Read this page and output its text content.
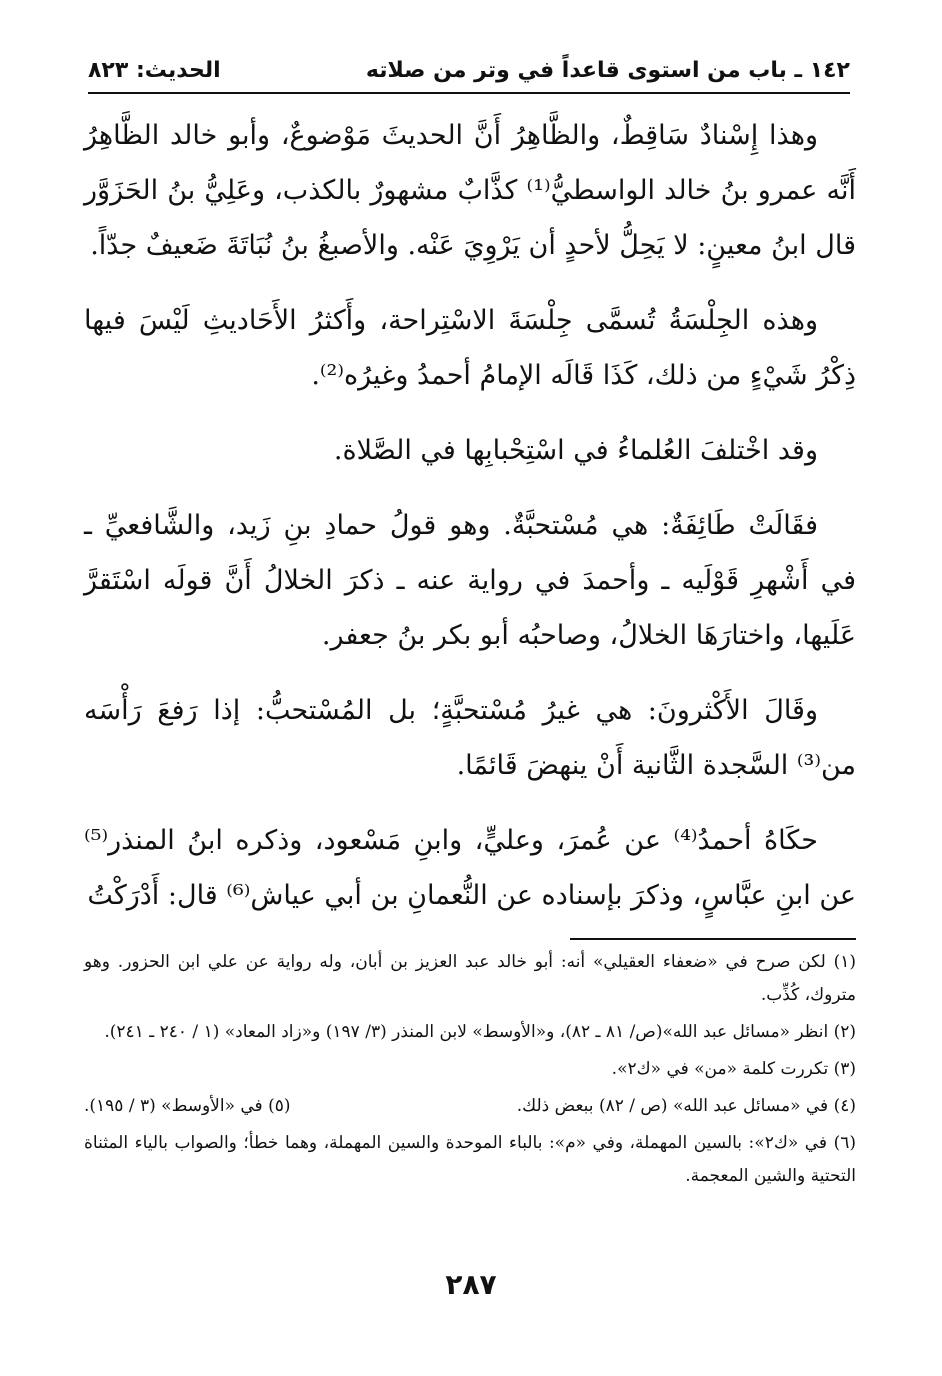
١٤٢ ـ باب من استوى قاعداً في وتر من صلاته
الحديث: ٨٢٣

وهذا إِسْنادٌ سَاقِطٌ، والظَّاهِرُ أَنَّ الحديثَ مَوْضوعٌ، وأبو خالد الظَّاهِرُ أَنَّه عمرو بنُ خالد الواسطيُّ⁽¹⁾ كذَّابٌ مشهورٌ بالكذب، وعَلِيُّ بنُ الحَزَوَّر قال ابنُ معينٍ: لا يَحِلُّ لأحدٍ أن يَرْوِيَ عَنْه. والأصبغُ بنُ نُبَاتَةَ ضَعيفٌ جدّاً.

وهذه الجِلْسَةُ تُسمَّى جِلْسَةَ الاسْتِراحة، وأَكثرُ الأَحَاديثِ لَيْسَ فيها ذِكْرُ شَيْءٍ من ذلك، كَذَا قَالَه الإمامُ أحمدُ وغيرُه⁽²⁾.

وقد اخْتلفَ العُلماءُ في اسْتِحْبابِها في الصَّلاة.

فقَالَتْ طَائِفَةٌ: هي مُسْتحبَّةٌ. وهو قولُ حمادِ بنِ زَيد، والشَّافعيِّ ـ في أَشْهرِ قَوْلَيه ـ وأحمدَ في رواية عنه ـ ذكرَ الخلالُ أَنَّ قولَه اسْتَقرَّ عَلَيها، واختارَهَا الخلالُ، وصاحبُه أبو بكر بنُ جعفر.

وقَالَ الأَكْثرونَ: هي غيرُ مُسْتحبَّةٍ؛ بل المُسْتحبُّ: إذا رَفعَ رَأْسَه من⁽³⁾ السَّجدة الثَّانية أَنْ ينهضَ قَائمًا.

حكَاهُ أحمدُ⁽⁴⁾ عن عُمرَ، وعليٍّ، وابنِ مَسْعود، وذكره ابنُ المنذر⁽⁵⁾ عن ابنِ عبَّاسٍ، وذكرَ بإسناده عن النُّعمانِ بن أبي عياش⁽⁶⁾ قال: أَدْرَكْتُ

(١) لكن صرح في «ضعفاء العقيلي» أنه: أبو خالد عبد العزيز بن أبان، وله رواية عن علي ابن الحزور. وهو متروك، كُذِّب.
(٢) انظر «مسائل عبد الله»(ص/ ٨١ ـ ٨٢)، و«الأوسط» لابن المنذر (٣/ ١٩٧) و«زاد المعاد» (١ / ٢٤٠ ـ ٢٤١).
(٣) تكررت كلمة «من» في «ك٢».
(٤) في «مسائل عبد الله» (ص / ٨٢) ببعض ذلك.
(٥) في «الأوسط» (٣ / ١٩٥).
(٦) في «ك٢»: بالسين المهملة، وفي «م»: بالباء الموحدة والسين المهملة، وهما خطأ؛ والصواب بالياء المثناة التحتية والشين المعجمة.
٢٨٧
